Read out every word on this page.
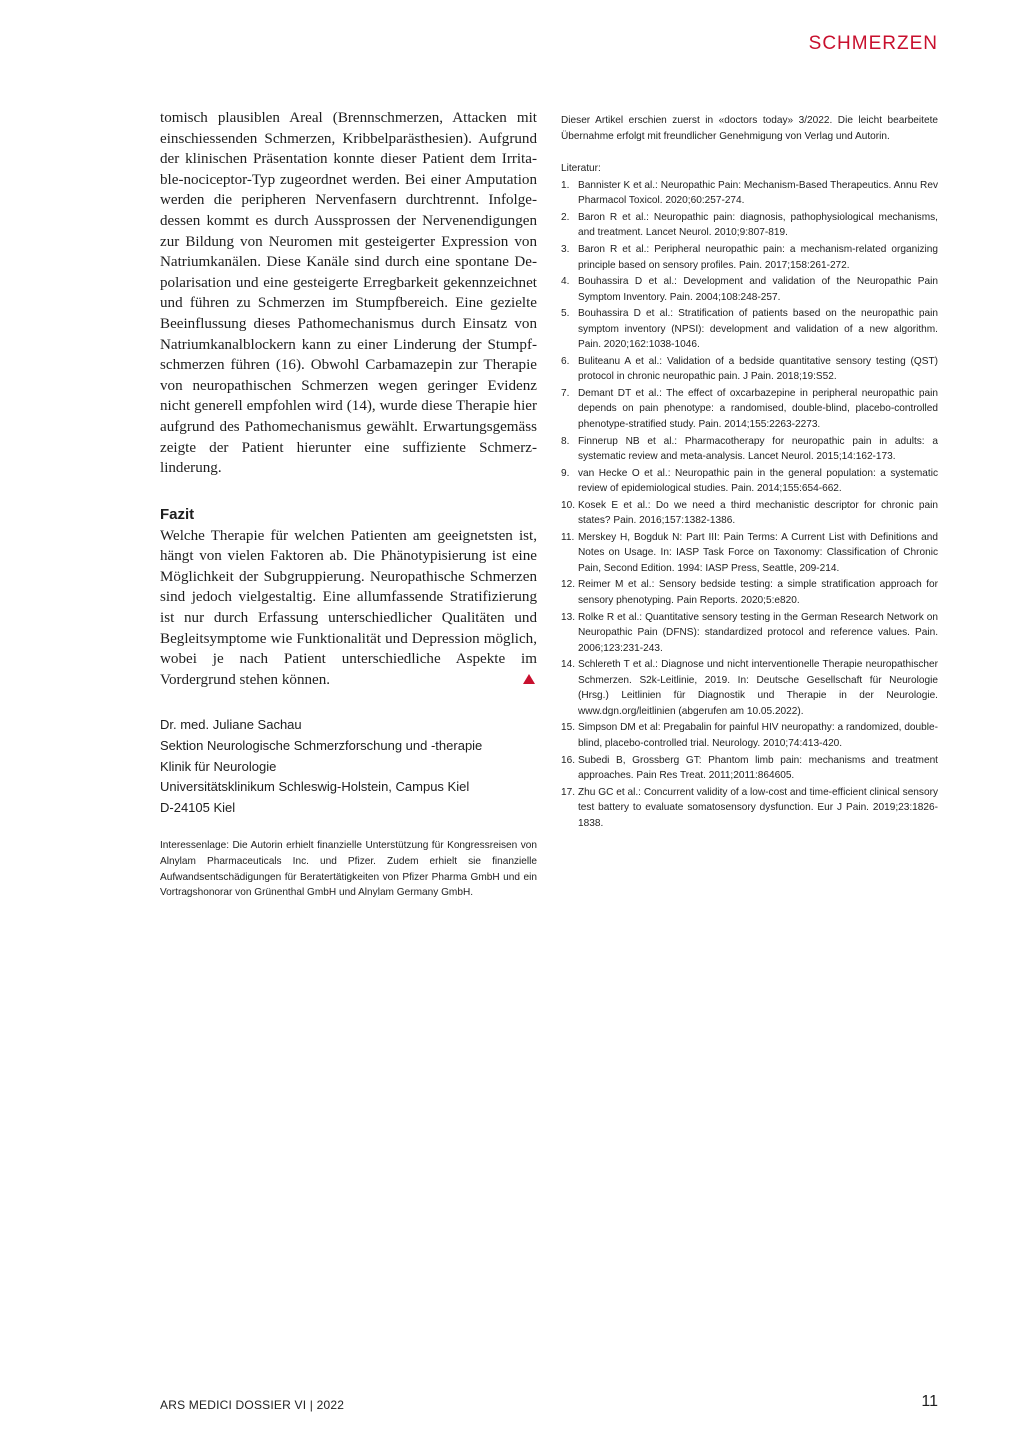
SCHMERZEN

tomisch plausiblen Areal (Brennschmerzen, Attacken mit einschiessenden Schmerzen, Kribbelparästhesien). Aufgrund der klinischen Präsentation konnte dieser Patient dem Irritable-nociceptor-Typ zugeordnet werden. Bei einer Amputation werden die peripheren Nervenfasern durchtrennt. Infolgedessen kommt es durch Aussprossen der Nervenendigungen zur Bildung von Neuromen mit gesteigerter Expression von Natriumkanälen. Diese Kanäle sind durch eine spontane Depolarisation und eine gesteigerte Erregbarkeit gekennzeichnet und führen zu Schmerzen im Stumpfbereich. Eine gezielte Beeinflussung dieses Pathomechanismus durch Einsatz von Natriumkanalblockern kann zu einer Linderung der Stumpfschmerzen führen (16). Obwohl Carbamazepin zur Therapie von neuropathischen Schmerzen wegen geringer Evidenz nicht generell empfohlen wird (14), wurde diese Therapie hier aufgrund des Pathomechanismus gewählt. Erwartungsgemäss zeigte der Patient hierunter eine suffiziente Schmerzlinderung.

Fazit

Welche Therapie für welchen Patienten am geeignetsten ist, hängt von vielen Faktoren ab. Die Phänotypisierung ist eine Möglichkeit der Subgruppierung. Neuropathische Schmerzen sind jedoch vielgestaltig. Eine allumfassende Stratifizierung ist nur durch Erfassung unterschiedlicher Qualitäten und Begleitsymptome wie Funktionalität und Depression möglich, wobei je nach Patient unterschiedliche Aspekte im Vordergrund stehen können.

Dr. med. Juliane Sachau
Sektion Neurologische Schmerzforschung und -therapie
Klinik für Neurologie
Universitätsklinikum Schleswig-Holstein, Campus Kiel
D-24105 Kiel

Interessenlage: Die Autorin erhielt finanzielle Unterstützung für Kongressreisen von Alnylam Pharmaceuticals Inc. und Pfizer. Zudem erhielt sie finanzielle Aufwandsentschädigungen für Beratertätigkeiten von Pfizer Pharma GmbH und ein Vortragshonorar von Grünenthal GmbH und Alnylam Germany GmbH.

Dieser Artikel erschien zuerst in «doctors today» 3/2022. Die leicht bearbeitete Übernahme erfolgt mit freundlicher Genehmigung von Verlag und Autorin.

Literatur:
1. Bannister K et al.: Neuropathic Pain: Mechanism-Based Therapeutics. Annu Rev Pharmacol Toxicol. 2020;60:257-274.
2. Baron R et al.: Neuropathic pain: diagnosis, pathophysiological mechanisms, and treatment. Lancet Neurol. 2010;9:807-819.
3. Baron R et al.: Peripheral neuropathic pain: a mechanism-related organizing principle based on sensory profiles. Pain. 2017;158:261-272.
4. Bouhassira D et al.: Development and validation of the Neuropathic Pain Symptom Inventory. Pain. 2004;108:248-257.
5. Bouhassira D et al.: Stratification of patients based on the neuropathic pain symptom inventory (NPSI): development and validation of a new algorithm. Pain. 2020;162:1038-1046.
6. Buliteanu A et al.: Validation of a bedside quantitative sensory testing (QST) protocol in chronic neuropathic pain. J Pain. 2018;19:S52.
7. Demant DT et al.: The effect of oxcarbazepine in peripheral neuropathic pain depends on pain phenotype: a randomised, double-blind, placebo-controlled phenotype-stratified study. Pain. 2014;155:2263-2273.
8. Finnerup NB et al.: Pharmacotherapy for neuropathic pain in adults: a systematic review and meta-analysis. Lancet Neurol. 2015;14:162-173.
9. van Hecke O et al.: Neuropathic pain in the general population: a systematic review of epidemiological studies. Pain. 2014;155:654-662.
10. Kosek E et al.: Do we need a third mechanistic descriptor for chronic pain states? Pain. 2016;157:1382-1386.
11. Merskey H, Bogduk N: Part III: Pain Terms: A Current List with Definitions and Notes on Usage. In: IASP Task Force on Taxonomy: Classification of Chronic Pain, Second Edition. 1994: IASP Press, Seattle, 209-214.
12. Reimer M et al.: Sensory bedside testing: a simple stratification approach for sensory phenotyping. Pain Reports. 2020;5:e820.
13. Rolke R et al.: Quantitative sensory testing in the German Research Network on Neuropathic Pain (DFNS): standardized protocol and reference values. Pain. 2006;123:231-243.
14. Schlereth T et al.: Diagnose und nicht interventionelle Therapie neuropathischer Schmerzen. S2k-Leitlinie, 2019. In: Deutsche Gesellschaft für Neurologie (Hrsg.) Leitlinien für Diagnostik und Therapie in der Neurologie. www.dgn.org/leitlinien (abgerufen am 10.05.2022).
15. Simpson DM et al: Pregabalin for painful HIV neuropathy: a randomized, double-blind, placebo-controlled trial. Neurology. 2010;74:413-420.
16. Subedi B, Grossberg GT: Phantom limb pain: mechanisms and treatment approaches. Pain Res Treat. 2011;2011:864605.
17. Zhu GC et al.: Concurrent validity of a low-cost and time-efficient clinical sensory test battery to evaluate somatosensory dysfunction. Eur J Pain. 2019;23:1826-1838.
ARS MEDICI DOSSIER VI | 2022	11
